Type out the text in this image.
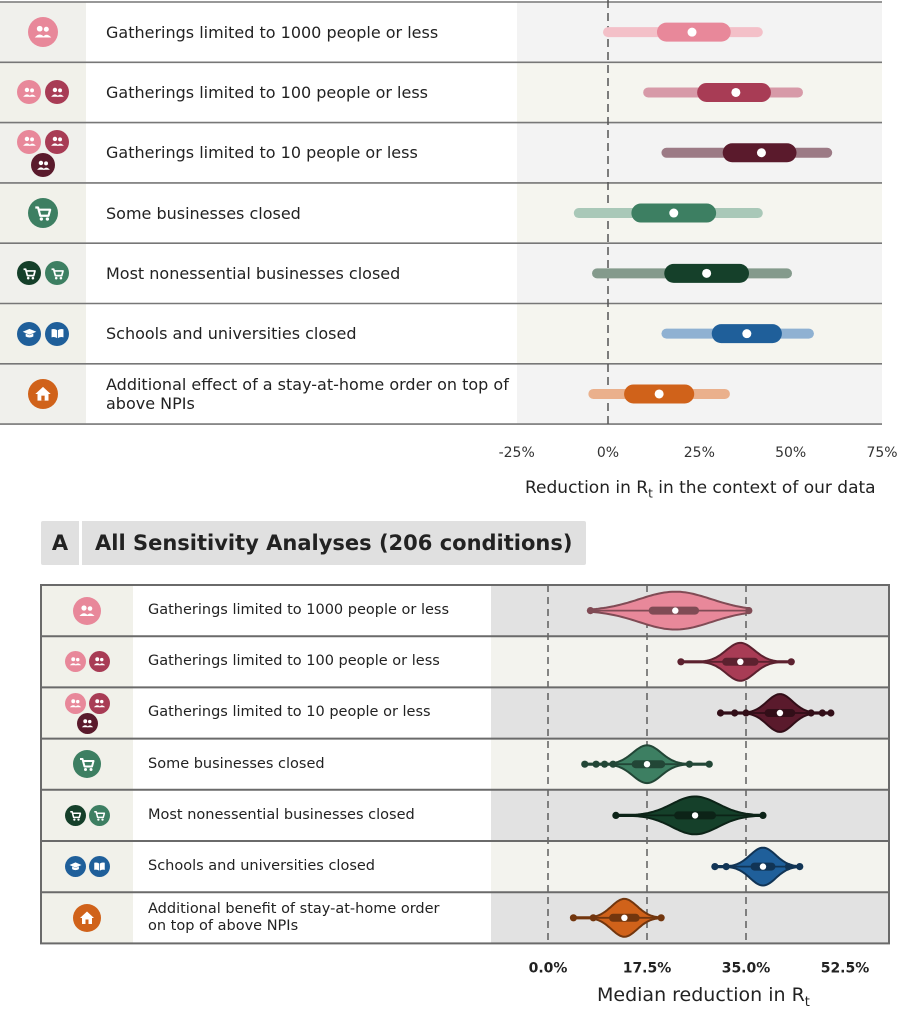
Gatherings limited to 1000 people or less
Gatherings limited to 100 people or less
Gatherings limited to 10 people or less
Some businesses closed
Most nonessential businesses closed
Schools and universities closed
Additional effect of a stay-at-home order on top of
above NPIs
-25%	0%	25%	50%	75%
Reduction in $R_t$ in the context of our data
A	All Sensitivity Analyses (206 conditions)
Gatherings limited to 1000 people or less
Gatherings limited to 100 people or less
Gatherings limited to 10 people or less
Some businesses closed
Most nonessential businesses closed
Schools and universities closed
Additional benefit of stay-at-home order
on top of above NPIs
0.0%	17.5%	35.0%	52.5%
Median reduction in $R_t$
